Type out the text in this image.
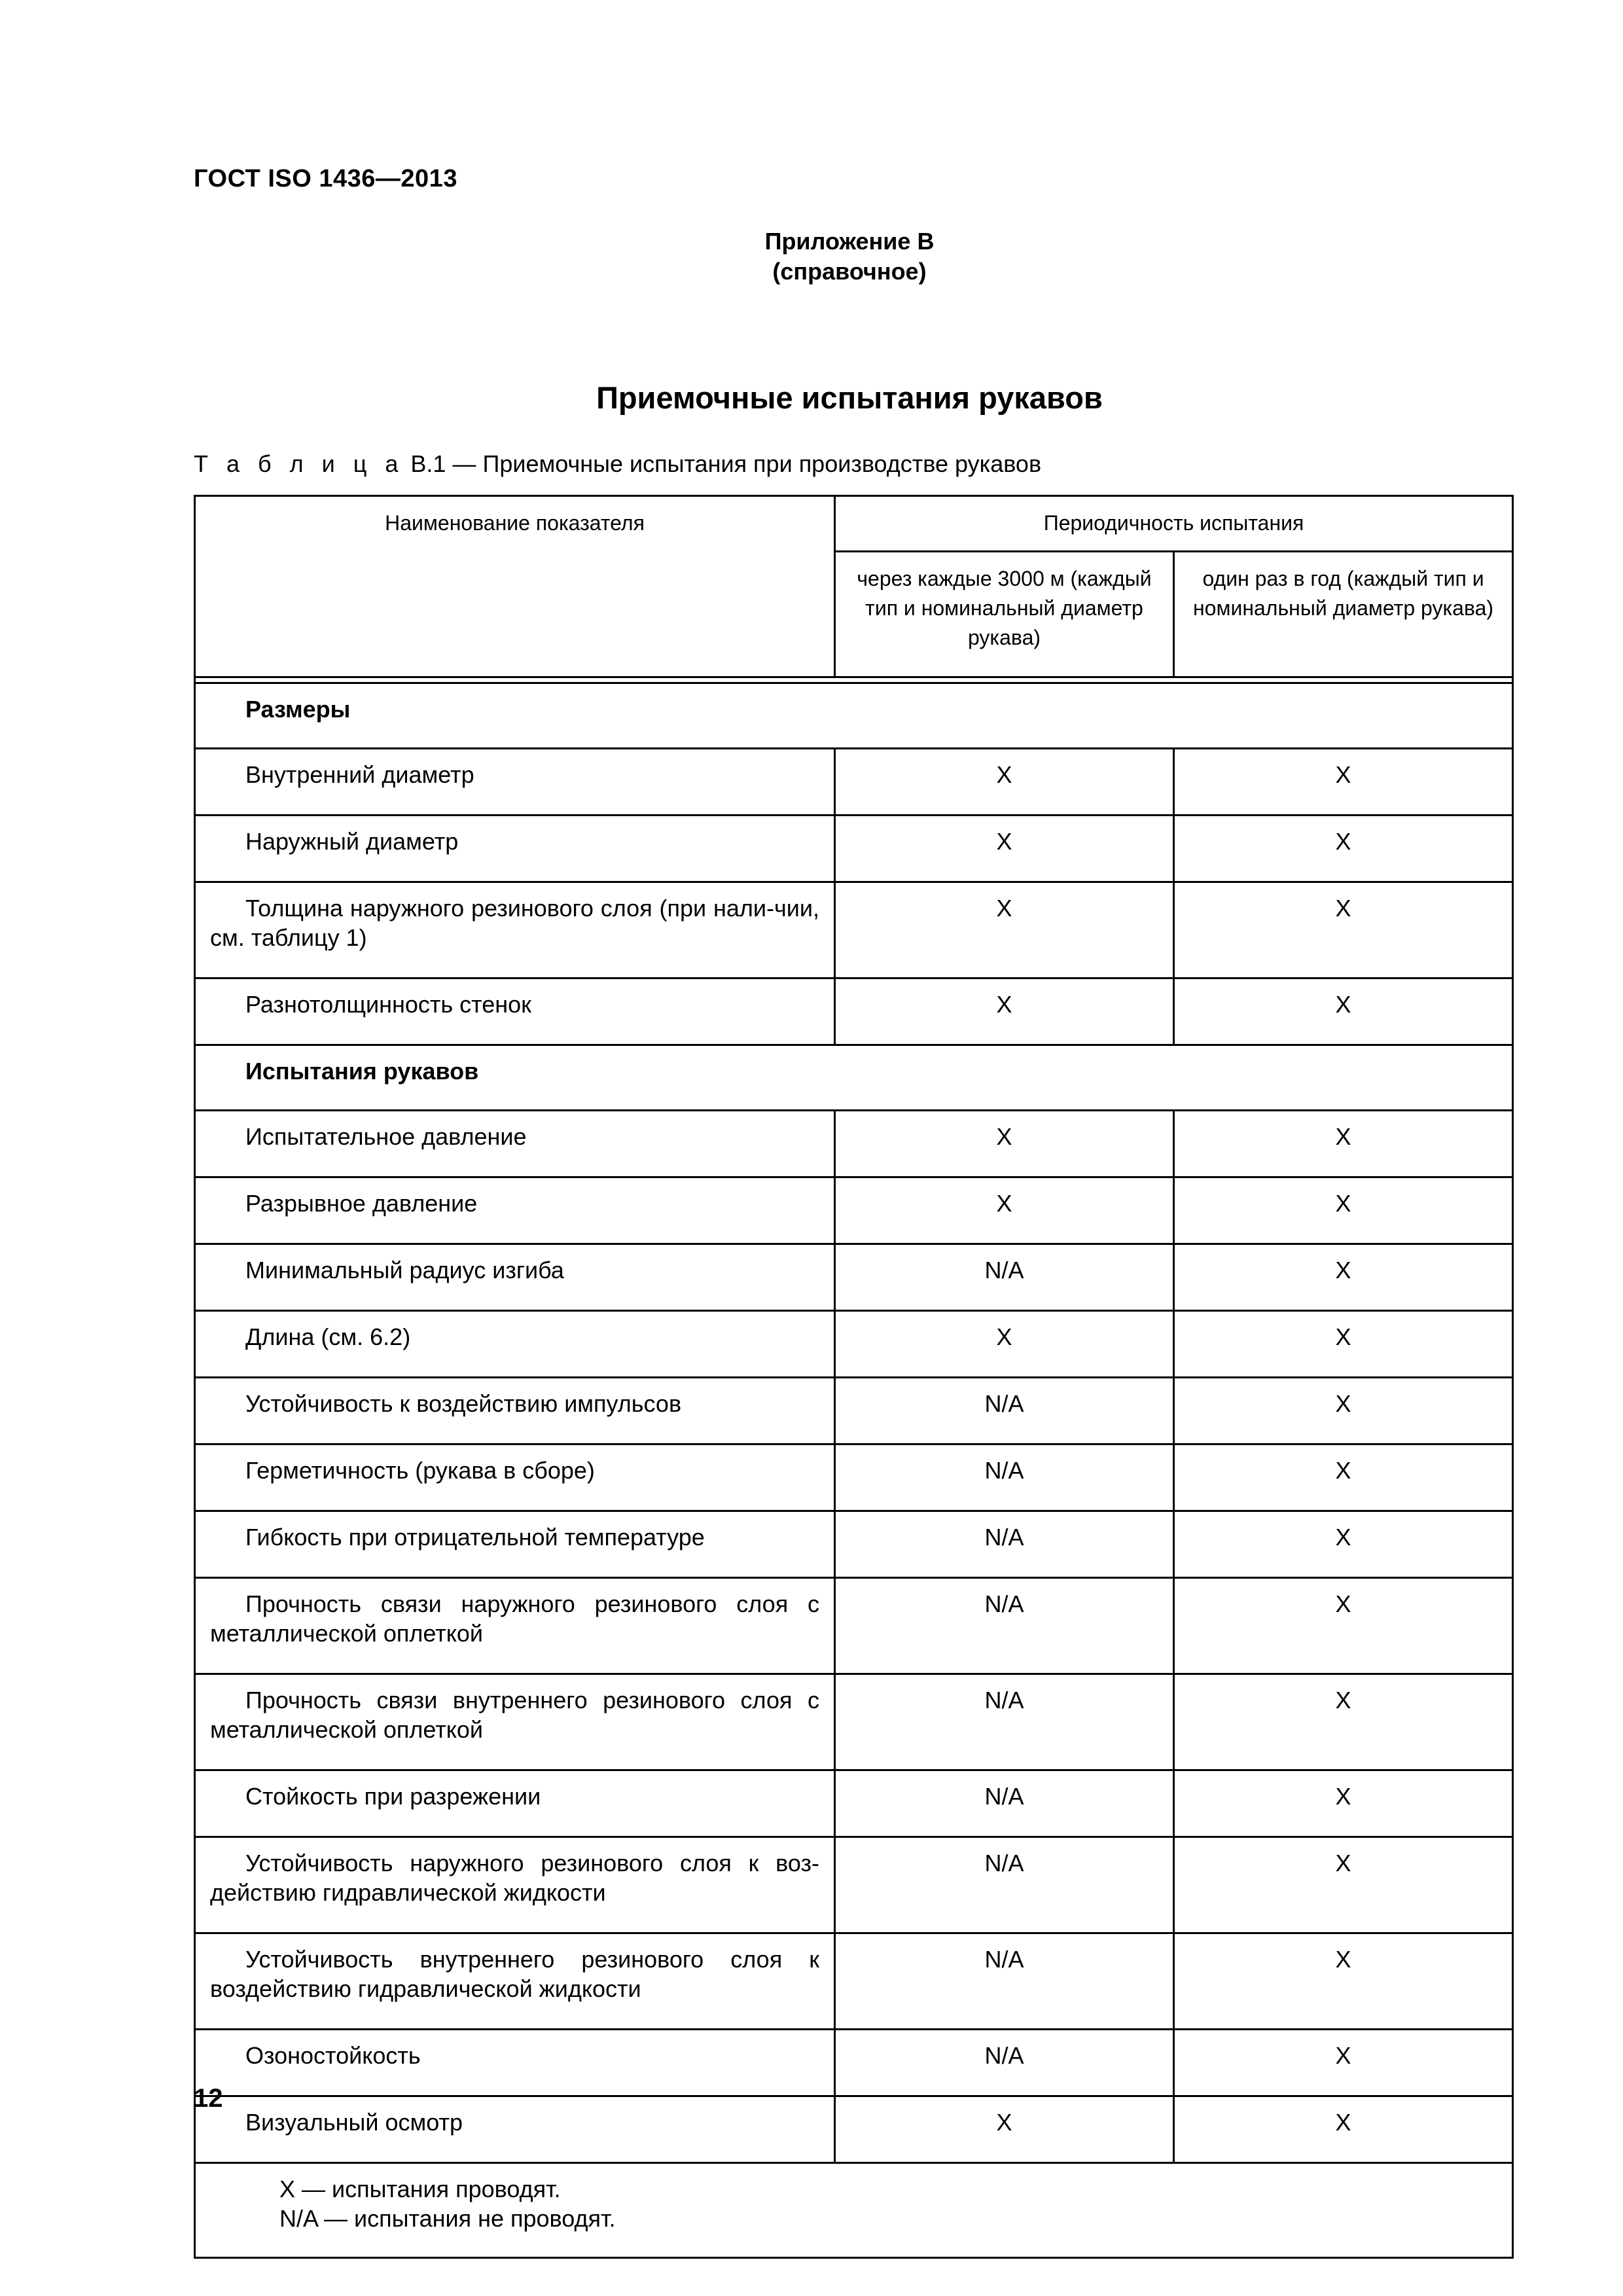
ГОСТ ISO 1436—2013
Приложение В
(справочное)
Приемочные испытания рукавов
Т а б л и ц а В.1 — Приемочные испытания при производстве рукавов
Наименование показателя	Периодичность испытания	

	через каждые 3000 м (каждый тип и номинальный диаметр рукава)	один раз в год (каждый тип и номинальный диаметр рукава)

Размеры		
Внутренний диаметр	X	X
Наружный диаметр	X	X
Толщина наружного резинового слоя (при нали-чии, см. таблицу 1)	X	X
Разнотолщинность стенок	X	X
Испытания рукавов		
Испытательное давление	X	X
Разрывное давление	X	X
Минимальный радиус изгиба	N/A	X
Длина (см. 6.2)	X	X
Устойчивость к воздействию импульсов	N/A	X
Герметичность (рукава в сборе)	N/A	X
Гибкость при отрицательной температуре	N/A	X
Прочность связи наружного резинового слоя с металлической оплеткой	N/A	X
Прочность связи внутреннего резинового слоя с металлической оплеткой	N/A	X
Стойкость при разрежении	N/A	X
Устойчивость наружного резинового слоя к воз-действию гидравлической жидкости	N/A	X
Устойчивость внутреннего резинового слоя к воздействию гидравлической жидкости	N/A	X
Озоностойкость	N/A	X
Визуальный осмотр	X	X

X — испытания проводят.
N/A — испытания не проводят.		
12
